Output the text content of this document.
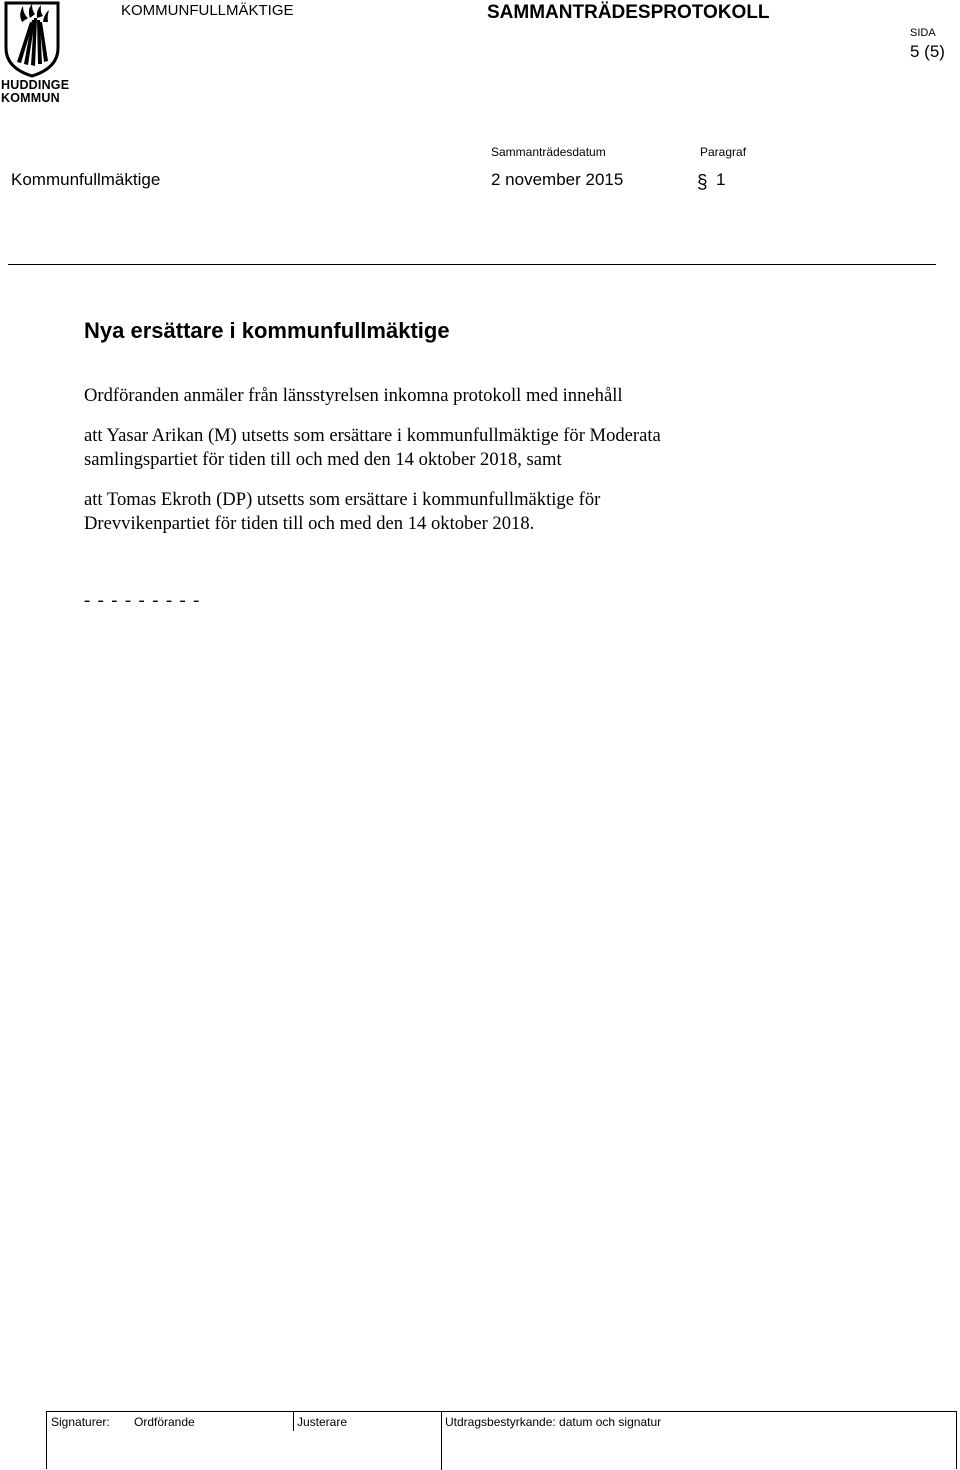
HUDDINGE
KOMMUN
KOMMUNFULLMÄKTIGE	SAMMANTRÄDESPROTOKOLL
SIDA
5 (5)
Sammanträdesdatum	Paragraf
Kommunfullmäktige	2 november 2015	§ 1
Nya ersättare i kommunfullmäktige
Ordföranden anmäler från länsstyrelsen inkomna protokoll med innehåll
att Yasar Arikan (M) utsetts som ersättare i kommunfullmäktige för Moderata
samlingspartiet för tiden till och med den 14 oktober 2018, samt
att Tomas Ekroth (DP) utsetts som ersättare i kommunfullmäktige för
Drevvikenpartiet för tiden till och med den 14 oktober 2018.
- - - - - - - - -
Signaturer: Ordförande	Justerare	Utdragsbestyrkande: datum och signatur
